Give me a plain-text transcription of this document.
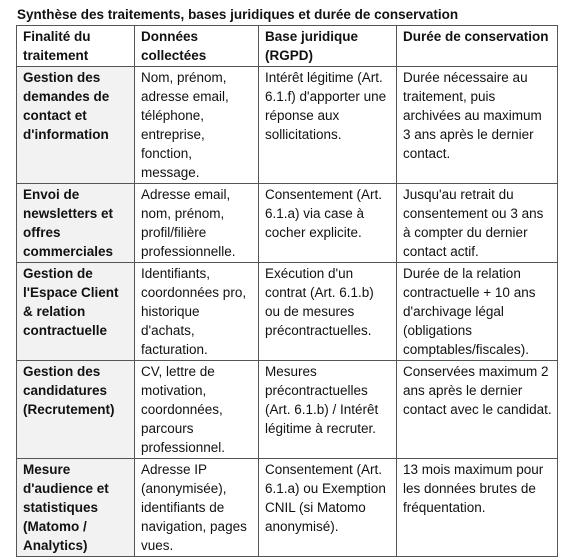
Synthèse des traitements, bases juridiques et durée de conservation
Finalité du traitement	Données collectées	Base juridique (RGPD)	Durée de conservation
Gestion des demandes de contact et d'information	Nom, prénom, adresse email, téléphone, entreprise, fonction, message.	Intérêt légitime (Art. 6.1.f) d'apporter une réponse aux sollicitations.	Durée nécessaire au traitement, puis archivées au maximum 3 ans après le dernier contact.
Envoi de newsletters et offres commerciales	Adresse email, nom, prénom, profil/filière professionnelle.	Consentement (Art. 6.1.a) via case à cocher explicite.	Jusqu'au retrait du consentement ou 3 ans à compter du dernier contact actif.
Gestion de l'Espace Client & relation contractuelle	Identifiants, coordonnées pro, historique d'achats, facturation.	Exécution d'un contrat (Art. 6.1.b) ou de mesures précontractuelles.	Durée de la relation contractuelle + 10 ans d'archivage légal (obligations comptables/fiscales).
Gestion des candidatures (Recrutement)	CV, lettre de motivation, coordonnées, parcours professionnel.	Mesures précontractuelles (Art. 6.1.b) / Intérêt légitime à recruter.	Conservées maximum 2 ans après le dernier contact avec le candidat.
Mesure d'audience et statistiques (Matomo / Analytics)	Adresse IP (anonymisée), identifiants de navigation, pages vues.	Consentement (Art. 6.1.a) ou Exemption CNIL (si Matomo anonymisé).	13 mois maximum pour les données brutes de fréquentation.
